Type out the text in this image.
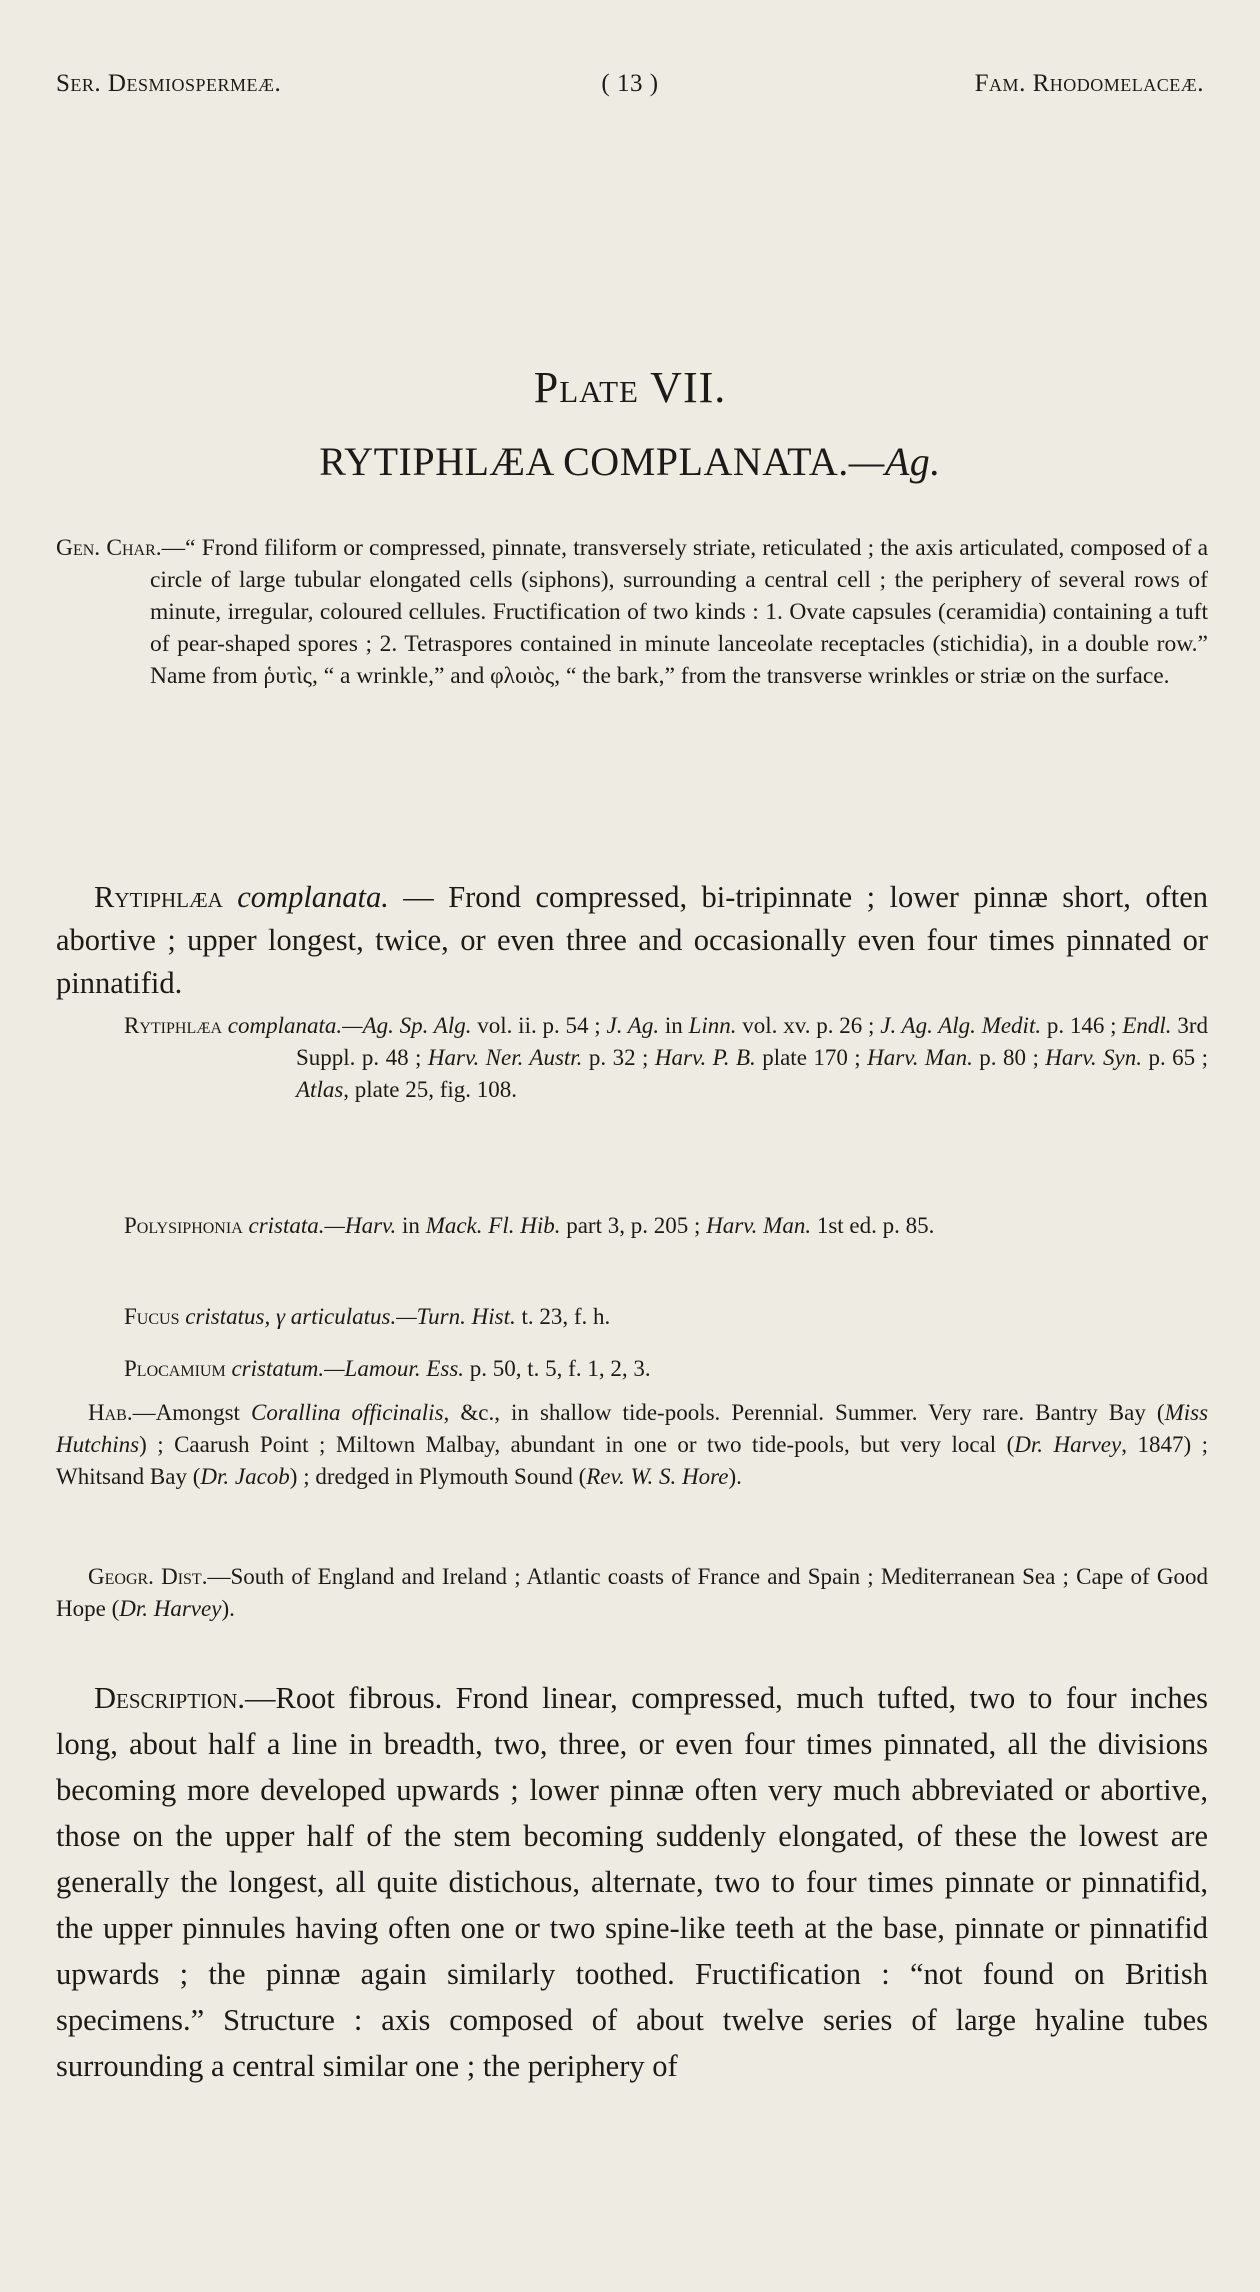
Ser. Desmiospermeæ.	( 13 )	Fam. Rhodomelaceæ.
Plate VII.
RYTIPHLÆA COMPLANATA.—Ag.

Gen. Char.—“ Frond filiform or compressed, pinnate, transversely striate, reticulated ; the axis articulated, composed of a circle of large tubular elongated cells (siphons), surrounding a central cell ; the periphery of several rows of minute, irregular, coloured cellules. Fructification of two kinds : 1. Ovate capsules (ceramidia) containing a tuft of pear-shaped spores ; 2. Tetraspores contained in minute lanceolate receptacles (stichidia), in a double row.” Name from ῥυτὶς, “ a wrinkle,” and φλοιὸς, “ the bark,” from the transverse wrinkles or striæ on the surface.

Rytiphlæa complanata. — Frond compressed, bi-tripinnate ; lower pinnæ short, often abortive ; upper longest, twice, or even three and occasionally even four times pinnated or pinnatifid.

Rytiphlæa complanata.—Ag. Sp. Alg. vol. ii. p. 54 ; J. Ag. in Linn. vol. xv. p. 26 ; J. Ag. Alg. Medit. p. 146 ; Endl. 3rd Suppl. p. 48 ; Harv. Ner. Austr. p. 32 ; Harv. P. B. plate 170 ; Harv. Man. p. 80 ; Harv. Syn. p. 65 ; Atlas, plate 25, fig. 108.

Polysiphonia cristata.—Harv. in Mack. Fl. Hib. part 3, p. 205 ; Harv. Man. 1st ed. p. 85.

Fucus cristatus, γ articulatus.—Turn. Hist. t. 23, f. h.

Plocamium cristatum.—Lamour. Ess. p. 50, t. 5, f. 1, 2, 3.

Hab.—Amongst Corallina officinalis, &c., in shallow tide-pools. Perennial. Summer. Very rare. Bantry Bay (Miss Hutchins) ; Caarush Point ; Miltown Malbay, abundant in one or two tide-pools, but very local (Dr. Harvey, 1847) ; Whitsand Bay (Dr. Jacob) ; dredged in Plymouth Sound (Rev. W. S. Hore).

Geogr. Dist.—South of England and Ireland ; Atlantic coasts of France and Spain ; Mediterranean Sea ; Cape of Good Hope (Dr. Harvey).

Description.—Root fibrous. Frond linear, compressed, much tufted, two to four inches long, about half a line in breadth, two, three, or even four times pinnated, all the divisions becoming more developed upwards ; lower pinnæ often very much abbreviated or abortive, those on the upper half of the stem becoming suddenly elongated, of these the lowest are generally the longest, all quite distichous, alternate, two to four times pinnate or pinnatifid, the upper pinnules having often one or two spine-like teeth at the base, pinnate or pinnatifid upwards ; the pinnæ again similarly toothed. Fructification : “not found on British specimens.” Structure : axis composed of about twelve series of large hyaline tubes surrounding a central similar one ; the periphery of
